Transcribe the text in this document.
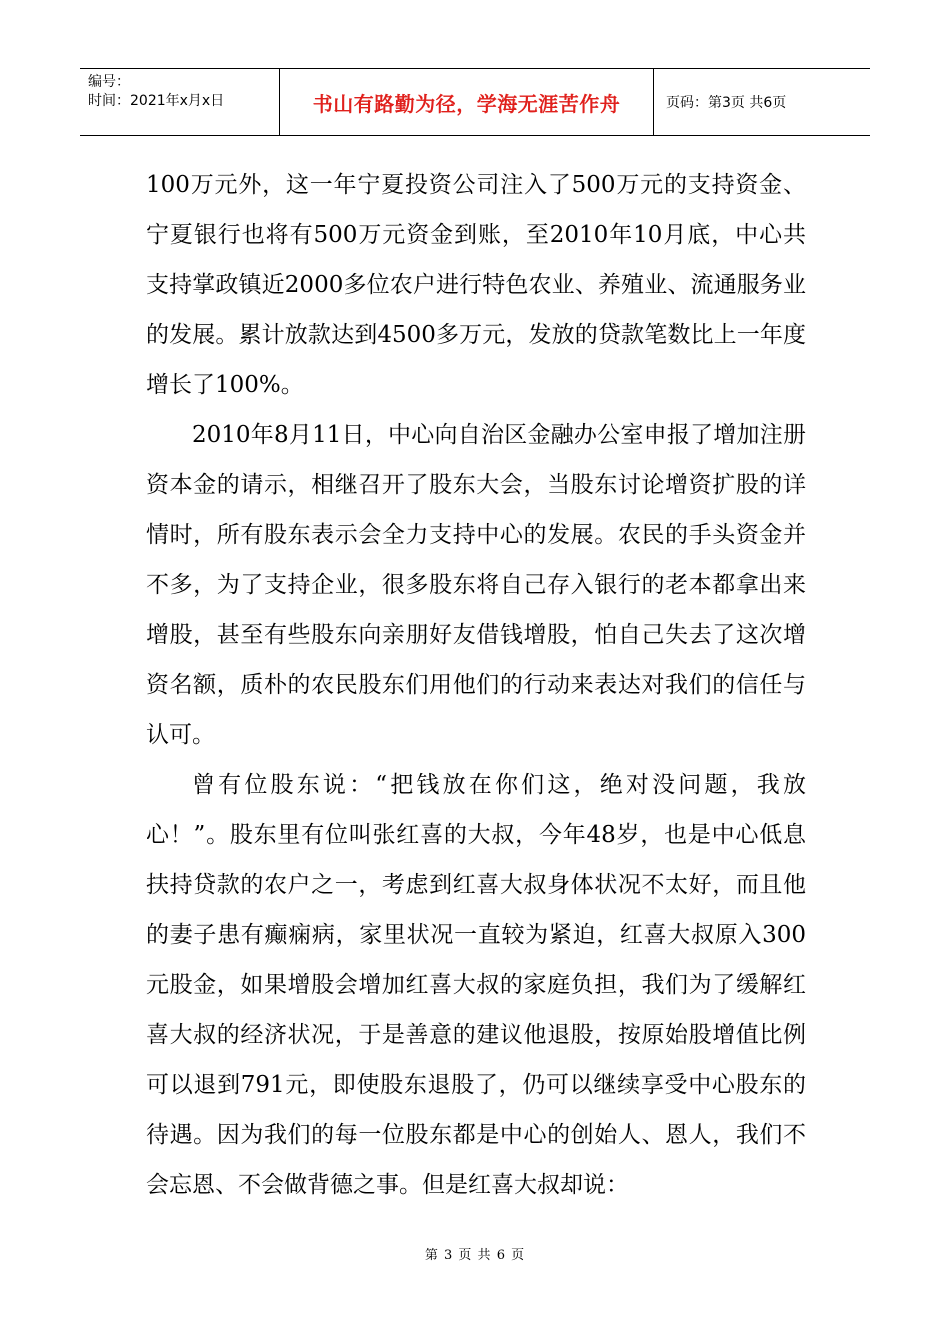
编号：
时间：2021年x月x日	书山有路勤为径，学海无涯苦作舟	页码：第3页 共6页

100万元外，这一年宁夏投资公司注入了500万元的支持资金、宁夏银行也将有500万元资金到账，至2010年10月底，中心共支持掌政镇近2000多位农户进行特色农业、养殖业、流通服务业的发展。累计放款达到4500多万元，发放的贷款笔数比上一年度增长了100%。

2010年8月11日，中心向自治区金融办公室申报了增加注册资本金的请示，相继召开了股东大会，当股东讨论增资扩股的详情时，所有股东表示会全力支持中心的发展。农民的手头资金并不多，为了支持企业，很多股东将自己存入银行的老本都拿出来增股，甚至有些股东向亲朋好友借钱增股，怕自己失去了这次增资名额，质朴的农民股东们用他们的行动来表达对我们的信任与认可。

曾有位股东说：“把钱放在你们这，绝对没问题，我放心！”。股东里有位叫张红喜的大叔，今年48岁，也是中心低息扶持贷款的农户之一，考虑到红喜大叔身体状况不太好，而且他的妻子患有癫痫病，家里状况一直较为紧迫，红喜大叔原入300元股金，如果增股会增加红喜大叔的家庭负担，我们为了缓解红喜大叔的经济状况，于是善意的建议他退股，按原始股增值比例可以退到791元，即使股东退股了，仍可以继续享受中心股东的待遇。因为我们的每一位股东都是中心的创始人、恩人，我们不会忘恩、不会做背德之事。但是红喜大叔却说：

第 3 页 共 6 页
